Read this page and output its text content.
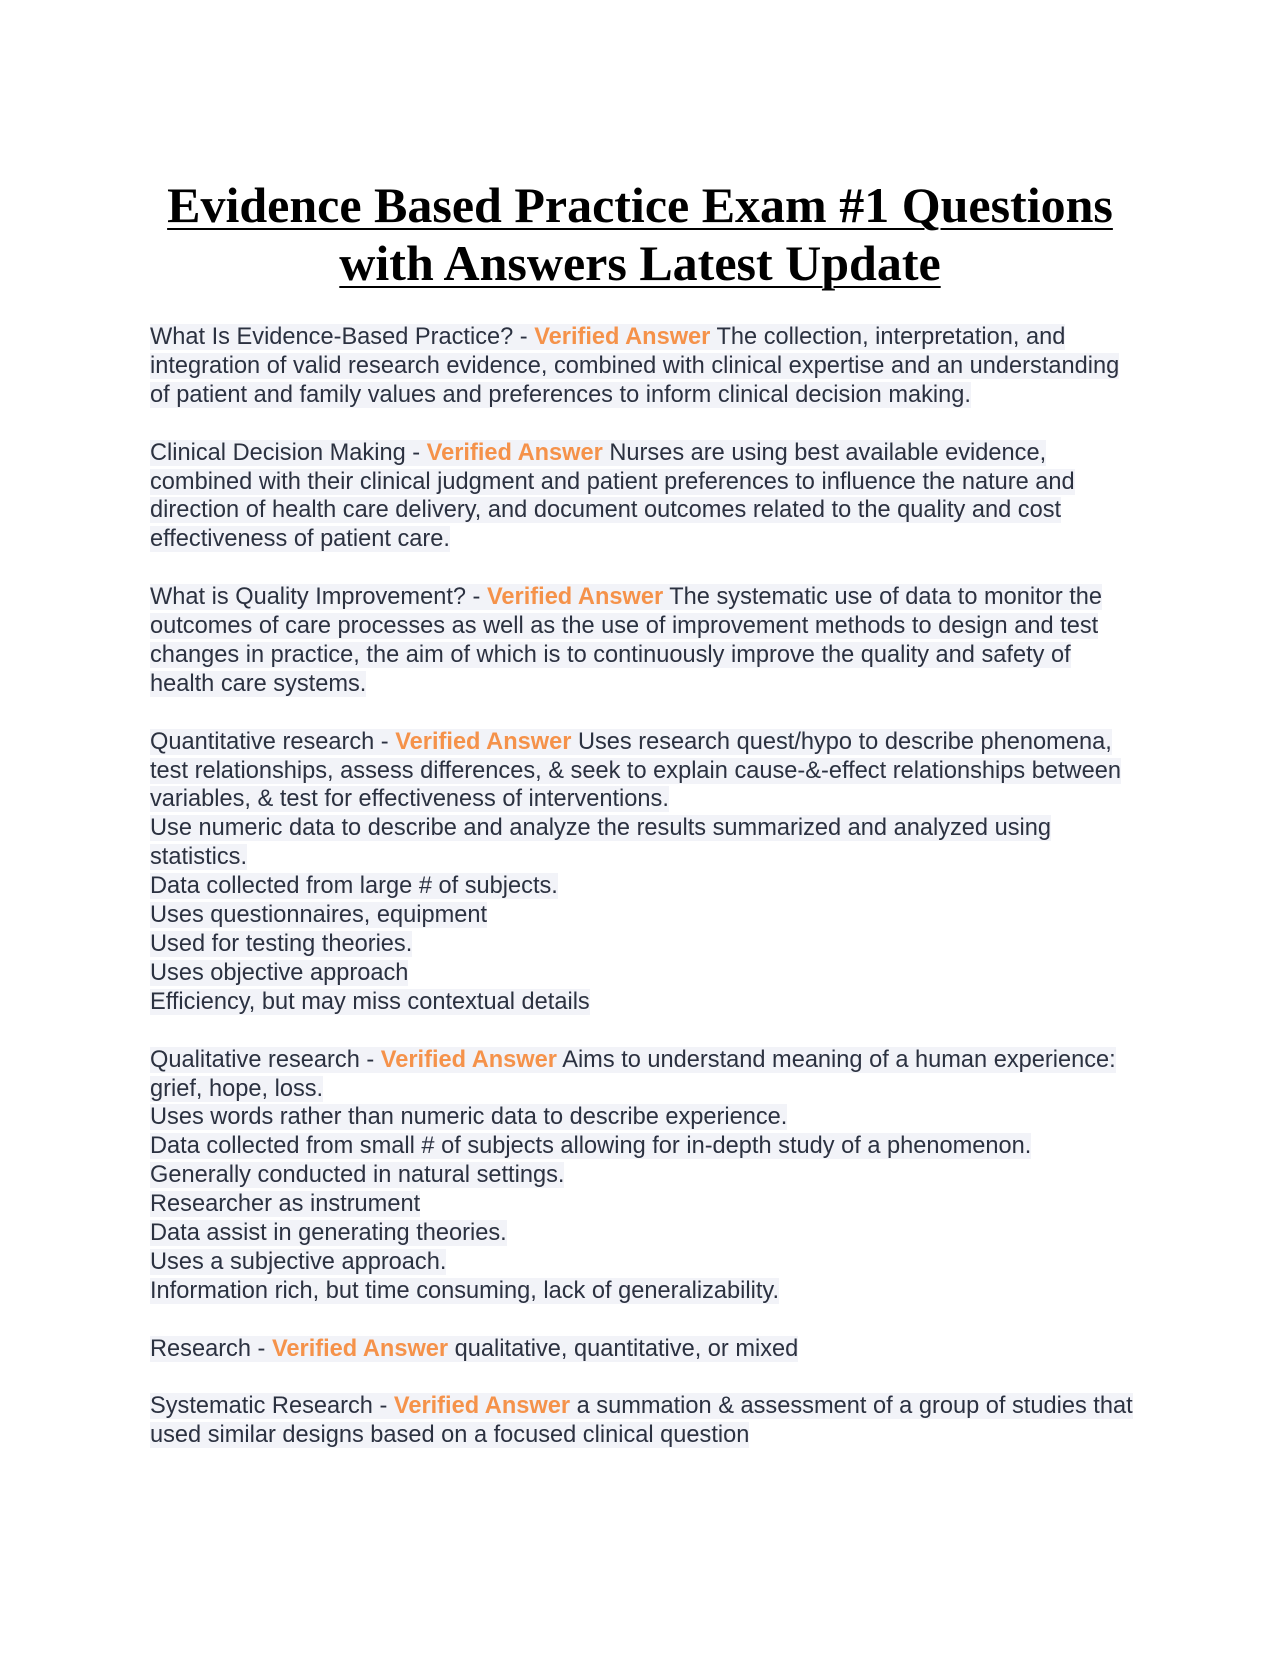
Evidence Based Practice Exam #1 Questions
with Answers Latest Update

What Is Evidence-Based Practice? - Verified Answer The collection, interpretation, and integration of valid research evidence, combined with clinical expertise and an understanding of patient and family values and preferences to inform clinical decision making.

Clinical Decision Making - Verified Answer Nurses are using best available evidence, combined with their clinical judgment and patient preferences to influence the nature and direction of health care delivery, and document outcomes related to the quality and cost effectiveness of patient care.

What is Quality Improvement? - Verified Answer The systematic use of data to monitor the outcomes of care processes as well as the use of improvement methods to design and test changes in practice, the aim of which is to continuously improve the quality and safety of health care systems.

Quantitative research - Verified Answer Uses research quest/hypo to describe phenomena, test relationships, assess differences, & seek to explain cause-&-effect relationships between variables, & test for effectiveness of interventions.
Use numeric data to describe and analyze the results summarized and analyzed using statistics.
Data collected from large # of subjects.
Uses questionnaires, equipment
Used for testing theories.
Uses objective approach
Efficiency, but may miss contextual details

Qualitative research - Verified Answer Aims to understand meaning of a human experience: grief, hope, loss.
Uses words rather than numeric data to describe experience.
Data collected from small # of subjects allowing for in-depth study of a phenomenon.
Generally conducted in natural settings.
Researcher as instrument
Data assist in generating theories.
Uses a subjective approach.
Information rich, but time consuming, lack of generalizability.

Research - Verified Answer qualitative, quantitative, or mixed

Systematic Research - Verified Answer a summation & assessment of a group of studies that used similar designs based on a focused clinical question
